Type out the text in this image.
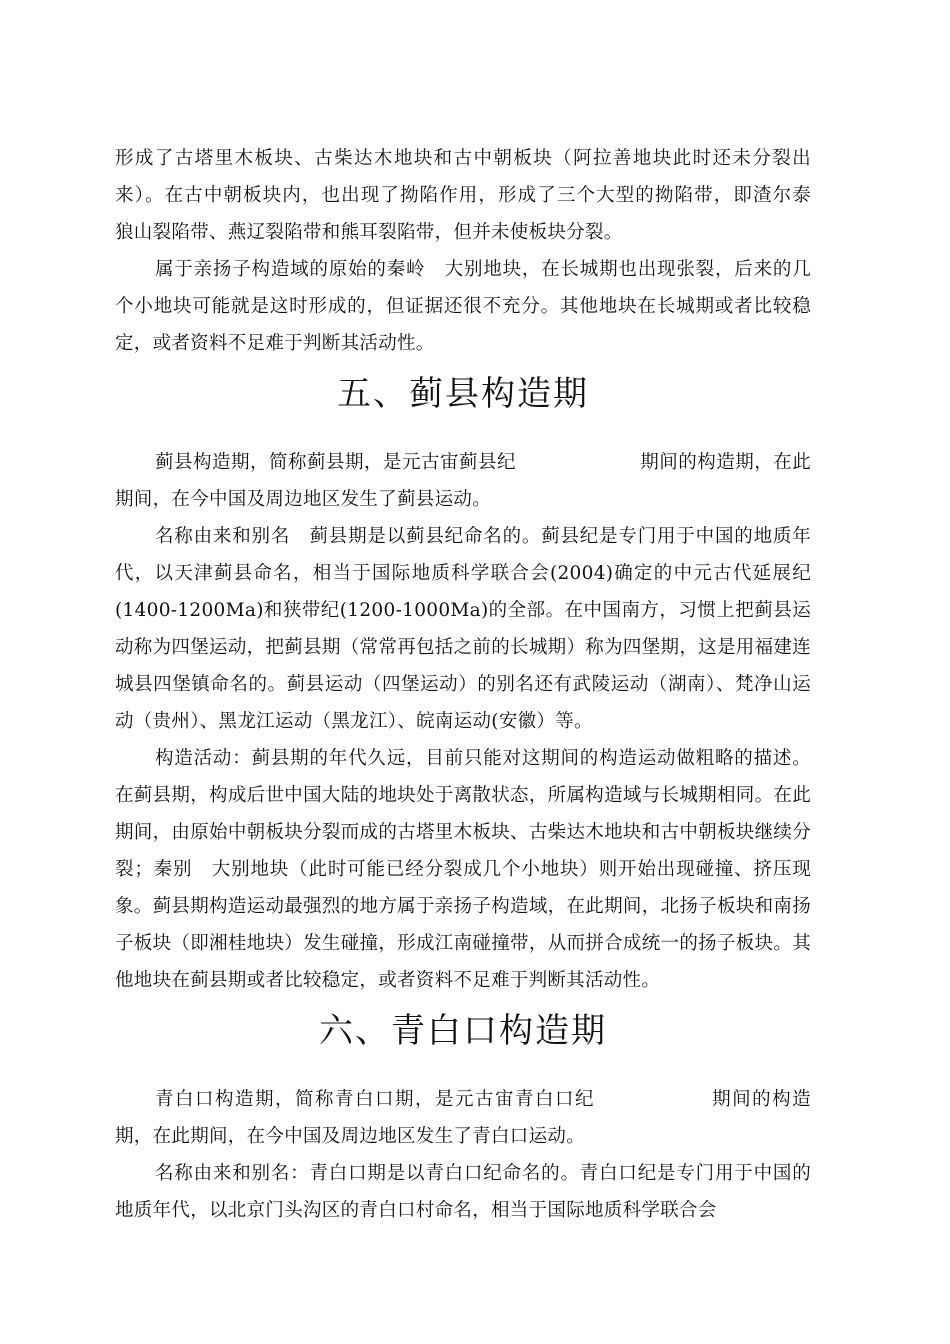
形成了古塔里木板块、古柴达木地块和古中朝板块（阿拉善地块此时还未分裂出来）。在古中朝板块内，也出现了拗陷作用，形成了三个大型的拗陷带，即渣尔泰　狼山裂陷带、燕辽裂陷带和熊耳裂陷带，但并未使板块分裂。

属于亲扬子构造域的原始的秦岭　大别地块，在长城期也出现张裂，后来的几个小地块可能就是这时形成的，但证据还很不充分。其他地块在长城期或者比较稳定，或者资料不足难于判断其活动性。

五、蓟县构造期

蓟县构造期，简称蓟县期，是元古宙蓟县纪	期间的构造期，在此期间，在今中国及周边地区发生了蓟县运动。

名称由来和别名　蓟县期是以蓟县纪命名的。蓟县纪是专门用于中国的地质年代，以天津蓟县命名，相当于国际地质科学联合会(2004)确定的中元古代延展纪(1400-1200Ma)和狭带纪(1200-1000Ma)的全部。在中国南方，习惯上把蓟县运动称为四堡运动，把蓟县期（常常再包括之前的长城期）称为四堡期，这是用福建连城县四堡镇命名的。蓟县运动（四堡运动）的别名还有武陵运动（湖南）、梵净山运动（贵州）、黑龙江运动（黑龙江）、皖南运动(安徽）等。

构造活动：蓟县期的年代久远，目前只能对这期间的构造运动做粗略的描述。在蓟县期，构成后世中国大陆的地块处于离散状态，所属构造域与长城期相同。在此期间，由原始中朝板块分裂而成的古塔里木板块、古柴达木地块和古中朝板块继续分裂；秦别　大别地块（此时可能已经分裂成几个小地块）则开始出现碰撞、挤压现象。蓟县期构造运动最强烈的地方属于亲扬子构造域，在此期间，北扬子板块和南扬子板块（即湘桂地块）发生碰撞，形成江南碰撞带，从而拼合成统一的扬子板块。其他地块在蓟县期或者比较稳定，或者资料不足难于判断其活动性。

六、青白口构造期

青白口构造期，简称青白口期，是元古宙青白口纪	期间的构造期，在此期间，在今中国及周边地区发生了青白口运动。

名称由来和别名：青白口期是以青白口纪命名的。青白口纪是专门用于中国的地质年代，以北京门头沟区的青白口村命名，相当于国际地质科学联合会
